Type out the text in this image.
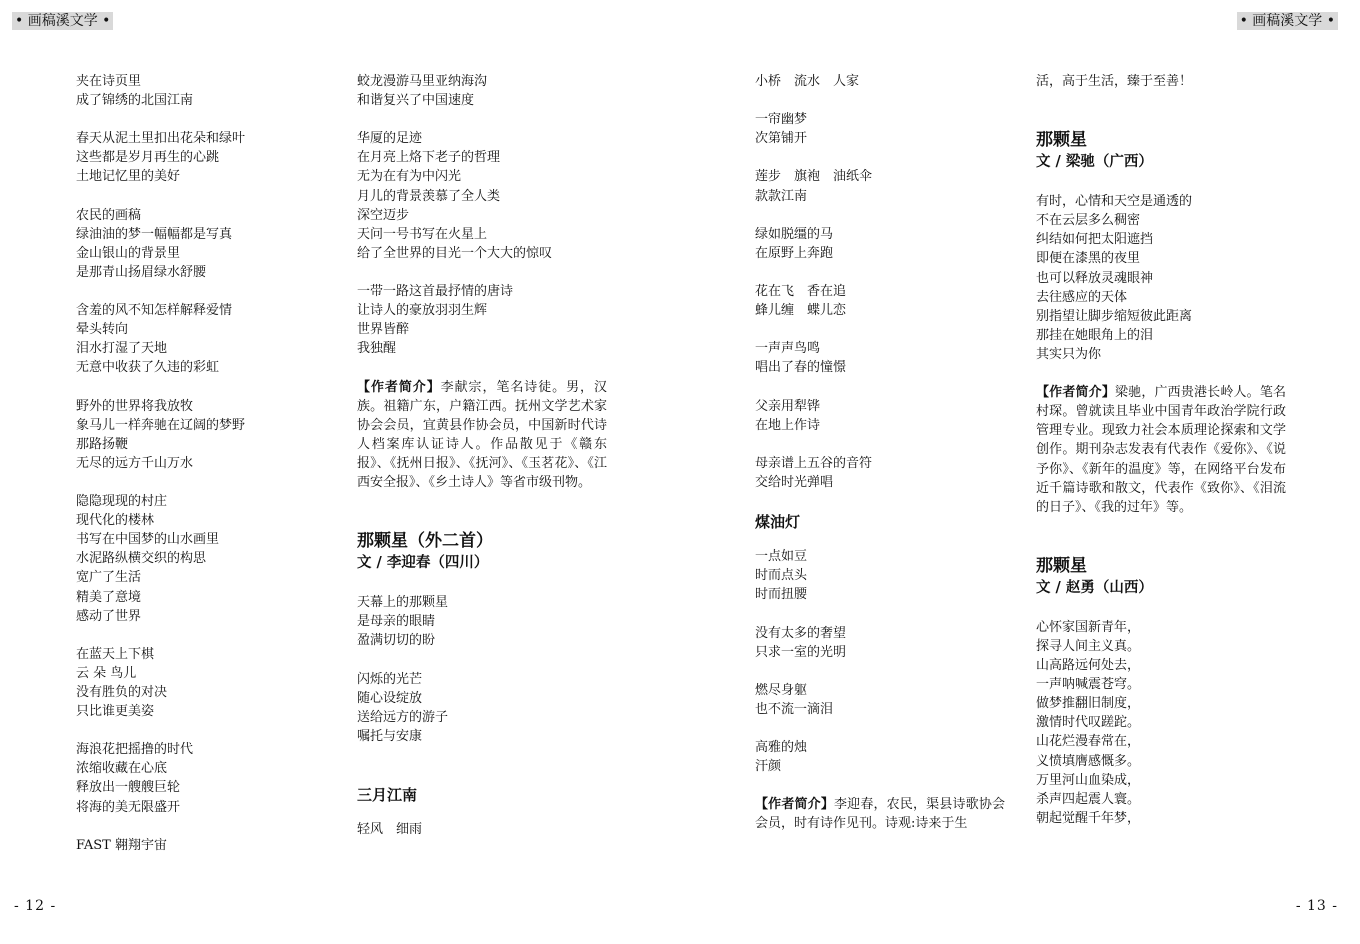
• 画稿溪文学 •	• 画稿溪文学 •
夹在诗页里
成了锦绣的北国江南
春天从泥土里扣出花朵和绿叶
这些都是岁月再生的心跳
土地记忆里的美好
农民的画稿
绿油油的梦一幅幅都是写真
金山银山的背景里
是那青山扬眉绿水舒腰
含羞的风不知怎样解释爱情
晕头转向
泪水打湿了天地
无意中收获了久违的彩虹
野外的世界将我放牧
象马儿一样奔驰在辽阔的梦野
那路扬鞭
无尽的远方千山万水
隐隐现现的村庄
现代化的楼林
书写在中国梦的山水画里
水泥路纵横交织的构思
宽广了生活
精美了意境
感动了世界
在蓝天上下棋
云 朵 鸟儿
没有胜负的对决
只比谁更美姿
海浪花把摇撸的时代
浓缩收藏在心底
释放出一艘艘巨轮
将海的美无限盛开
FAST 翱翔宇宙
蛟龙漫游马里亚纳海沟
和谐复兴了中国速度
华厦的足迹
在月亮上烙下老子的哲理
无为在有为中闪光
月儿的背景羡慕了全人类
深空迈步
天问一号书写在火星上
给了全世界的目光一个大大的惊叹
一带一路这首最抒情的唐诗
让诗人的豪放羽羽生辉
世界皆醉
我独醒
【作者简介】李献宗，笔名诗徒。男，汉族。祖籍广东，户籍江西。抚州文学艺术家协会会员，宜黄县作协会员，中国新时代诗人档案库认证诗人。作品散见于《赣东报》、《抚州日报》、《抚河》、《玉茗花》、《江西安全报》、《乡土诗人》等省市级刊物。
那颗星（外二首）
文 / 李迎春（四川）
天幕上的那颗星
是母亲的眼睛
盈满切切的盼
闪烁的光芒
随心设绽放
送给远方的游子
嘱托与安康
三月江南
轻风　细雨
小桥　流水　人家
一帘幽梦
次第铺开
莲步　旗袍　油纸伞
款款江南
绿如脱缰的马
在原野上奔跑
花在飞　香在追
蜂儿缠　蝶儿恋
一声声鸟鸣
唱出了春的憧憬
父亲用犁铧
在地上作诗
母亲谱上五谷的音符
交给时光弹唱
煤油灯
一点如豆
时而点头
时而扭腰
没有太多的奢望
只求一室的光明
燃尽身躯
也不流一滴泪
高雅的烛
汗颜
【作者简介】李迎春，农民，渠县诗歌协会会员，时有诗作见刊。诗观:诗来于生
活，高于生活，臻于至善！
那颗星
文 / 梁驰（广西）
有时，心情和天空是通透的
不在云层多么稠密
纠结如何把太阳遮挡
即便在漆黑的夜里
也可以释放灵魂眼神
去往感应的天体
别指望让脚步缩短彼此距离
那挂在她眼角上的泪
其实只为你
【作者简介】梁驰，广西贵港长岭人。笔名村琛。曾就读且毕业中国青年政治学院行政管理专业。现致力社会本质理论探索和文学创作。期刊杂志发表有代表作《爱你》、《说予你》、《新年的温度》等，在网络平台发布近千篇诗歌和散文，代表作《致你》、《泪流的日子》、《我的过年》等。
那颗星
文 / 赵勇（山西）
心怀家国新青年，
探寻人间主义真。
山高路远何处去，
一声呐喊震苍穹。
做梦推翻旧制度，
激情时代叹蹉跎。
山花烂漫春常在，
义愤填膺感慨多。
万里河山血染成，
杀声四起震人寰。
朝起觉醒千年梦，
- 12 -	- 13 -
